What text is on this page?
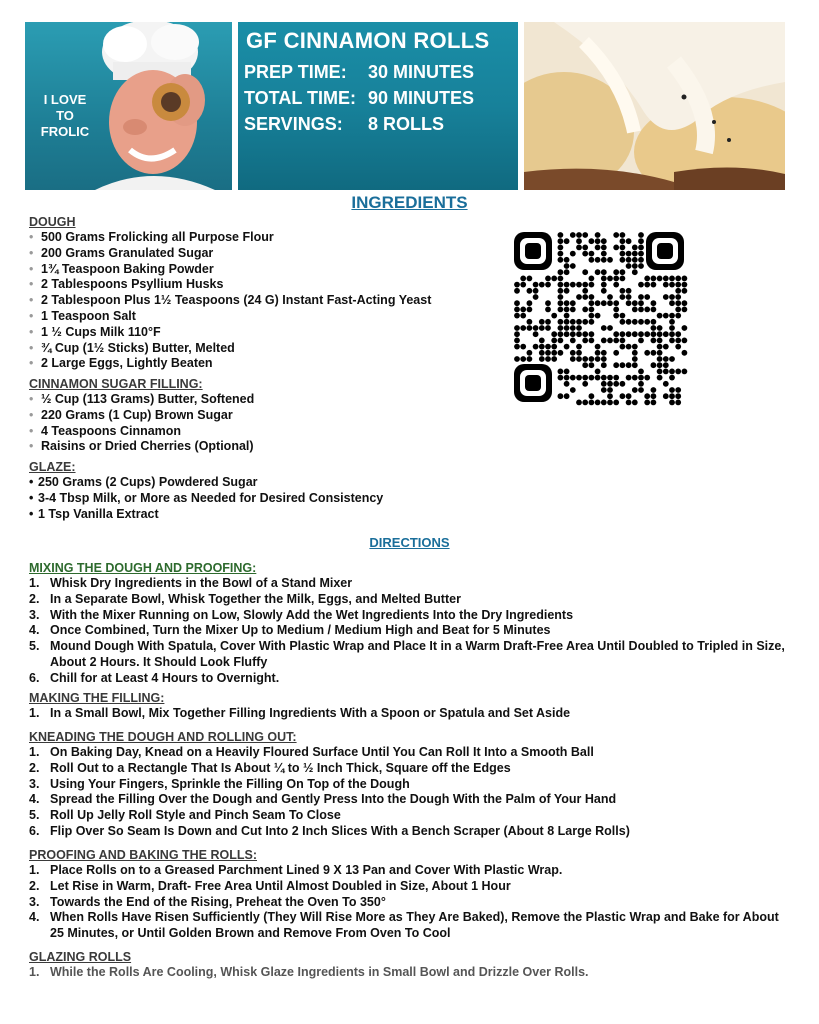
I LOVE TO FROLIC
GF CINNAMON ROLLS
PREP TIME: 30 MINUTES
TOTAL TIME: 90 MINUTES
SERVINGS: 8 ROLLS
INGREDIENTS
DOUGH
• 500 Grams Frolicking all Purpose Flour
• 200 Grams Granulated Sugar
• 1¾ Teaspoon Baking Powder
• 2 Tablespoons Psyllium Husks
• 2 Tablespoon Plus 1½ Teaspoons (24 G) Instant Fast-Acting Yeast
• 1 Teaspoon Salt
• 1 ½ Cups Milk 110°F
• ¾ Cup (1½ Sticks) Butter, Melted
• 2 Large Eggs, Lightly Beaten
CINNAMON SUGAR FILLING:
• ½ Cup (113 Grams) Butter, Softened
• 220 Grams (1 Cup) Brown Sugar
• 4 Teaspoons Cinnamon
• Raisins or Dried Cherries (Optional)
GLAZE:
• 250 Grams (2 Cups) Powdered Sugar
• 3-4 Tbsp Milk, or More as Needed for Desired Consistency
• 1 Tsp Vanilla Extract
DIRECTIONS
MIXING THE DOUGH AND PROOFING:
1. Whisk Dry Ingredients in the Bowl of a Stand Mixer
2. In a Separate Bowl, Whisk Together the Milk, Eggs, and Melted Butter
3. With the Mixer Running on Low, Slowly Add the Wet Ingredients Into the Dry Ingredients
4. Once Combined, Turn the Mixer Up to Medium / Medium High and Beat for 5 Minutes
5. Mound Dough With Spatula, Cover With Plastic Wrap and Place It in a Warm Draft-Free Area Until Doubled to Tripled in Size, About 2 Hours. It Should Look Fluffy
6. Chill for at Least 4 Hours to Overnight.
MAKING THE FILLING:
1. In a Small Bowl, Mix Together Filling Ingredients With a Spoon or Spatula and Set Aside
KNEADING THE DOUGH AND ROLLING OUT:
1. On Baking Day, Knead on a Heavily Floured Surface Until You Can Roll It Into a Smooth Ball
2. Roll Out to a Rectangle That Is About ¼ to ½ Inch Thick, Square off the Edges
3. Using Your Fingers, Sprinkle the Filling On Top of the Dough
4. Spread the Filling Over the Dough and Gently Press Into the Dough With the Palm of Your Hand
5. Roll Up Jelly Roll Style and Pinch Seam To Close
6. Flip Over So Seam Is Down and Cut Into 2 Inch Slices With a Bench Scraper (About 8 Large Rolls)
PROOFING AND BAKING THE ROLLS:
1. Place Rolls on to a Greased Parchment Lined 9 X 13 Pan and Cover With Plastic Wrap.
2. Let Rise in Warm, Draft- Free Area Until Almost Doubled in Size, About 1 Hour
3. Towards the End of the Rising, Preheat the Oven To 350°
4. When Rolls Have Risen Sufficiently (They Will Rise More as They Are Baked), Remove the Plastic Wrap and Bake for About 25 Minutes, or Until Golden Brown and Remove From Oven To Cool
GLAZING ROLLS
1. While the Rolls Are Cooling, Whisk Glaze Ingredients in Small Bowl and Drizzle Over Rolls.
